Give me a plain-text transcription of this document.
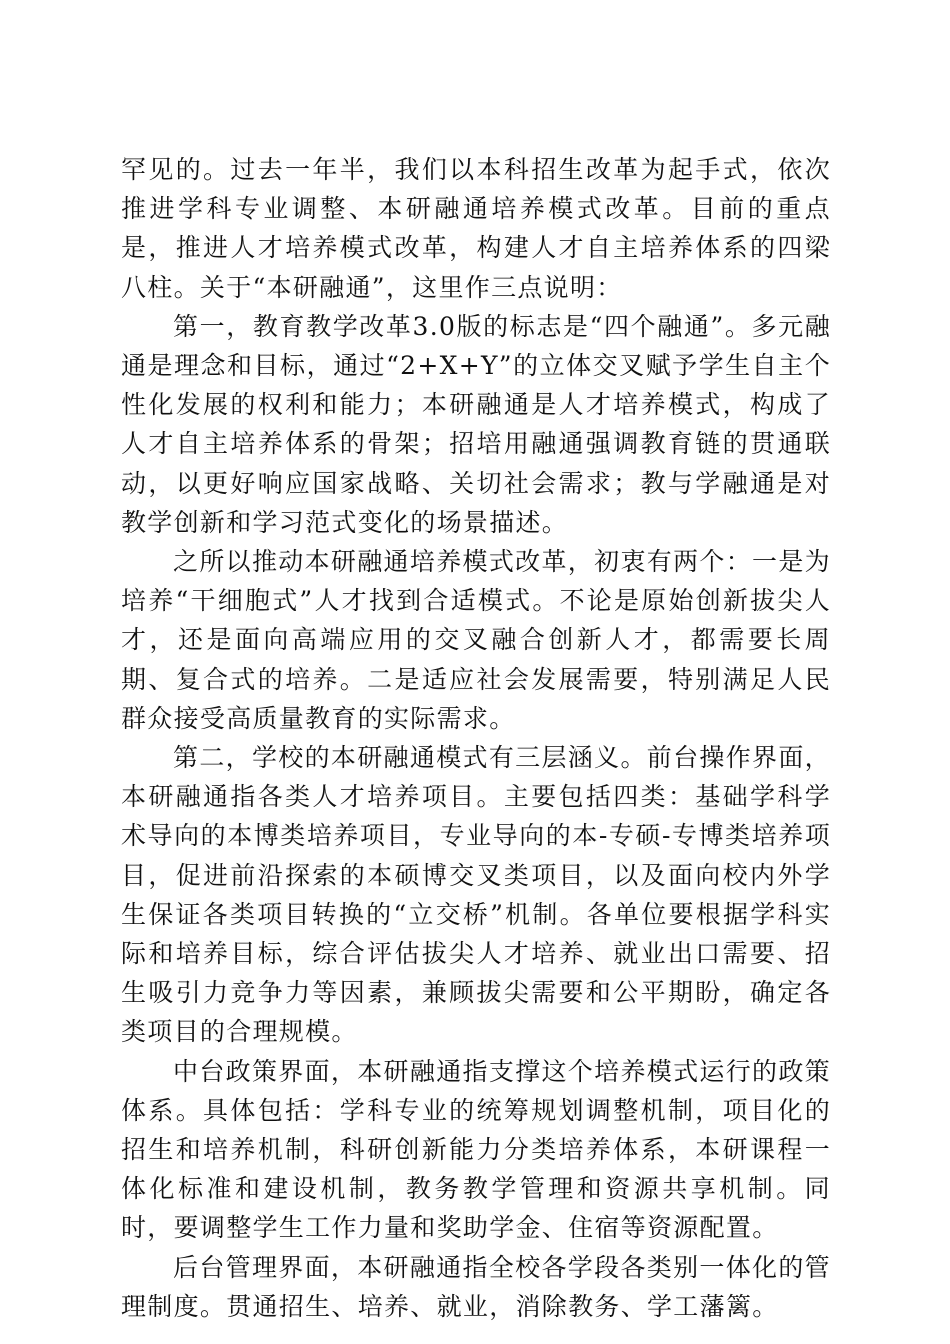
罕见的。过去一年半，我们以本科招生改革为起手式，依次推进学科专业调整、本研融通培养模式改革。目前的重点是，推进人才培养模式改革，构建人才自主培养体系的四梁八柱。关于“本研融通”，这里作三点说明：

第一，教育教学改革3.0版的标志是“四个融通”。多元融通是理念和目标，通过“2+X+Y”的立体交叉赋予学生自主个性化发展的权利和能力；本研融通是人才培养模式，构成了人才自主培养体系的骨架；招培用融通强调教育链的贯通联动，以更好响应国家战略、关切社会需求；教与学融通是对教学创新和学习范式变化的场景描述。

之所以推动本研融通培养模式改革，初衷有两个：一是为培养“干细胞式”人才找到合适模式。不论是原始创新拔尖人才，还是面向高端应用的交叉融合创新人才，都需要长周期、复合式的培养。二是适应社会发展需要，特别满足人民群众接受高质量教育的实际需求。

第二，学校的本研融通模式有三层涵义。前台操作界面，本研融通指各类人才培养项目。主要包括四类：基础学科学术导向的本博类培养项目，专业导向的本-专硕-专博类培养项目，促进前沿探索的本硕博交叉类项目，以及面向校内外学生保证各类项目转换的“立交桥”机制。各单位要根据学科实际和培养目标，综合评估拔尖人才培养、就业出口需要、招生吸引力竞争力等因素，兼顾拔尖需要和公平期盼，确定各类项目的合理规模。

中台政策界面，本研融通指支撑这个培养模式运行的政策体系。具体包括：学科专业的统筹规划调整机制，项目化的招生和培养机制，科研创新能力分类培养体系，本研课程一体化标准和建设机制，教务教学管理和资源共享机制。同时，要调整学生工作力量和奖助学金、住宿等资源配置。

后台管理界面，本研融通指全校各学段各类别一体化的管理制度。贯通招生、培养、就业，消除教务、学工藩篱。
